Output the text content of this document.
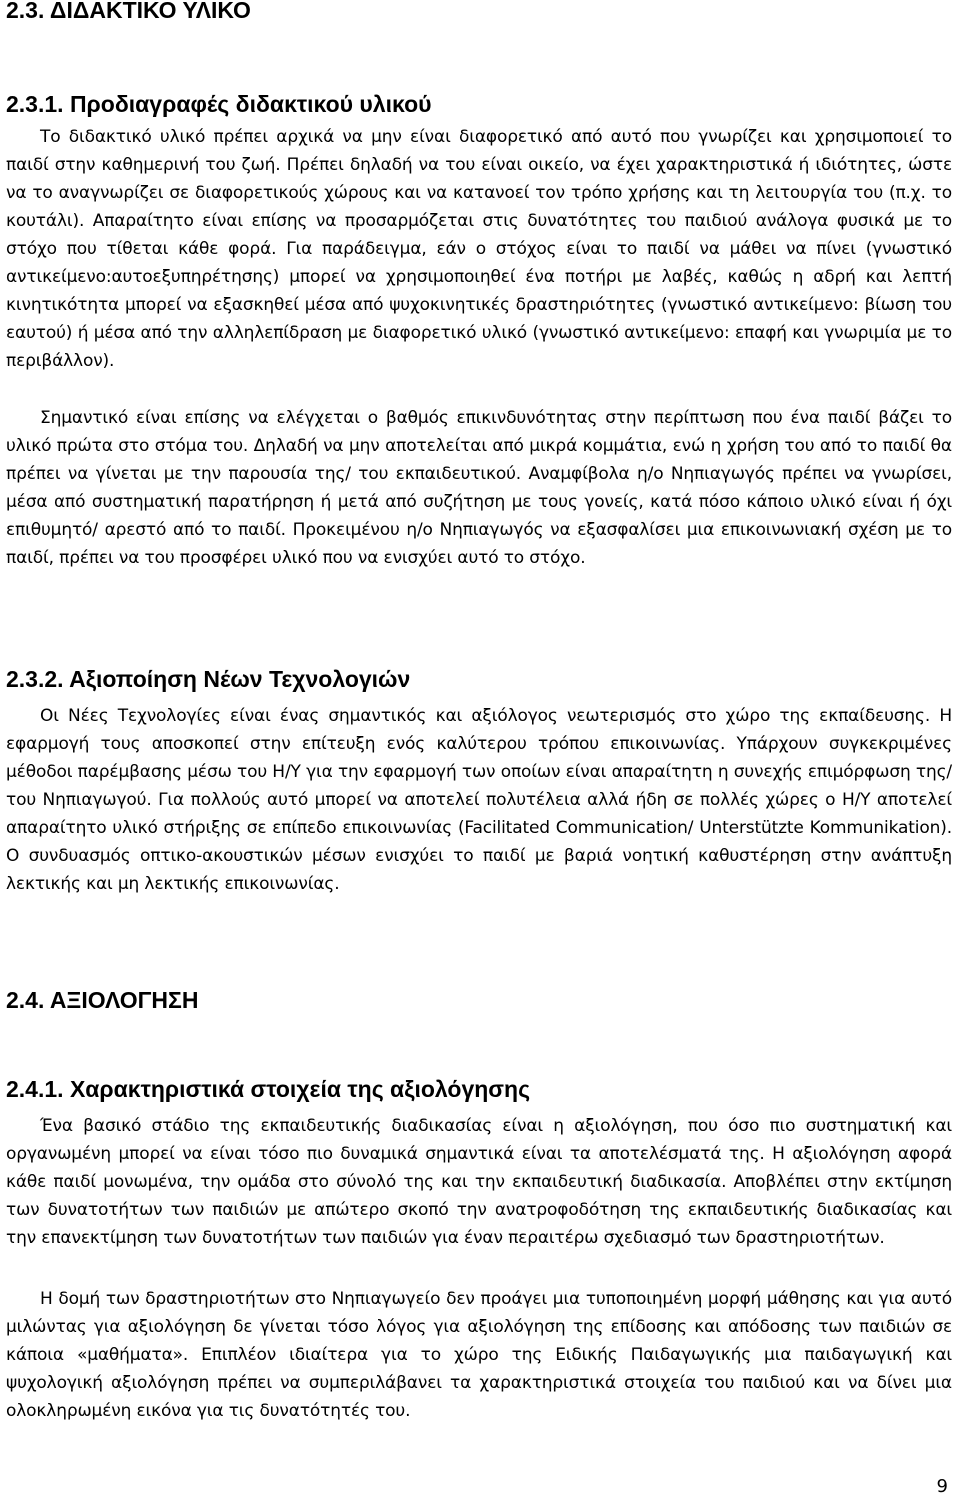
2.3. ΔΙΔΑΚΤΙΚΟ ΥΛΙΚΟ
2.3.1. Προδιαγραφές διδακτικού υλικού

Το διδακτικό υλικό πρέπει αρχικά να μην είναι διαφορετικό από αυτό που γνωρίζει και χρησιμοποιεί το παιδί στην καθημερινή του ζωή. Πρέπει δηλαδή να του είναι οικείο, να έχει χαρακτηριστικά ή ιδιότητες, ώστε να το αναγνωρίζει σε διαφορετικούς χώρους και να κατανοεί τον τρόπο χρήσης και τη λειτουργία του (π.χ. το κουτάλι). Απαραίτητο είναι επίσης να προσαρμόζεται στις δυνατότητες του παιδιού ανάλογα φυσικά με το στόχο που τίθεται κάθε φορά. Για παράδειγμα, εάν ο στόχος είναι το παιδί να μάθει να πίνει (γνωστικό αντικείμενο:αυτοεξυπηρέτησης) μπορεί να χρησιμοποιηθεί ένα ποτήρι με λαβές, καθώς η αδρή και λεπτή κινητικότητα μπορεί να εξασκηθεί μέσα από ψυχοκινητικές δραστηριότητες (γνωστικό αντικείμενο: βίωση του εαυτού) ή μέσα από την αλληλεπίδραση με διαφορετικό υλικό (γνωστικό αντικείμενο: επαφή και γνωριμία με το περιβάλλον).

Σημαντικό είναι επίσης να ελέγχεται ο βαθμός επικινδυνότητας στην περίπτωση που ένα παιδί βάζει το υλικό πρώτα στο στόμα του. Δηλαδή να μην αποτελείται από μικρά κομμάτια, ενώ η χρήση του από το παιδί θα πρέπει να γίνεται με την παρουσία της/ του εκπαιδευτικού. Αναμφίβολα η/ο Νηπιαγωγός πρέπει να γνωρίσει, μέσα από συστηματική παρατήρηση ή μετά από συζήτηση με τους γονείς, κατά πόσο κάποιο υλικό είναι ή όχι επιθυμητό/ αρεστό από το παιδί. Προκειμένου η/ο Νηπιαγωγός να εξασφαλίσει μια επικοινωνιακή σχέση με το παιδί, πρέπει να του προσφέρει υλικό που να ενισχύει αυτό το στόχο.

2.3.2. Αξιοποίηση Νέων Τεχνολογιών

Οι Νέες Τεχνολογίες είναι ένας σημαντικός και αξιόλογος νεωτερισμός στο χώρο της εκπαίδευσης. Η εφαρμογή τους αποσκοπεί στην επίτευξη ενός καλύτερου τρόπου επικοινωνίας. Υπάρχουν συγκεκριμένες μέθοδοι παρέμβασης μέσω του Η/Υ για την εφαρμογή των οποίων είναι απαραίτητη η συνεχής επιμόρφωση της/ του Νηπιαγωγού. Για πολλούς αυτό μπορεί να αποτελεί πολυτέλεια αλλά ήδη σε πολλές χώρες ο Η/Υ αποτελεί απαραίτητο υλικό στήριξης σε επίπεδο επικοινωνίας (Facilitated Communication/ Unterstützte Kommunikation). Ο συνδυασμός οπτικο-ακουστικών μέσων ενισχύει το παιδί με βαριά νοητική καθυστέρηση στην ανάπτυξη λεκτικής και μη λεκτικής επικοινωνίας.

2.4. ΑΞΙΟΛΟΓΗΣΗ
2.4.1. Χαρακτηριστικά στοιχεία της αξιολόγησης

Ένα βασικό στάδιο της εκπαιδευτικής διαδικασίας είναι η αξιολόγηση, που όσο πιο συστηματική και οργανωμένη μπορεί να είναι τόσο πιο δυναμικά σημαντικά είναι τα αποτελέσματά της. Η αξιολόγηση αφορά κάθε παιδί μονωμένα, την ομάδα στο σύνολό της και την εκπαιδευτική διαδικασία. Αποβλέπει στην εκτίμηση των δυνατοτήτων των παιδιών με απώτερο σκοπό την ανατροφοδότηση της εκπαιδευτικής διαδικασίας και την επανεκτίμηση των δυνατοτήτων των παιδιών για έναν περαιτέρω σχεδιασμό των δραστηριοτήτων.

Η δομή των δραστηριοτήτων στο Νηπιαγωγείο δεν προάγει μια τυποποιημένη μορφή μάθησης και για αυτό μιλώντας για αξιολόγηση δε γίνεται τόσο λόγος για αξιολόγηση της επίδοσης και απόδοσης των παιδιών σε κάποια «μαθήματα». Επιπλέον ιδιαίτερα για το χώρο της Ειδικής Παιδαγωγικής μια παιδαγωγική και ψυχολογική αξιολόγηση πρέπει να συμπεριλάβανει τα χαρακτηριστικά στοιχεία του παιδιού και να δίνει μια ολοκληρωμένη εικόνα για τις δυνατότητές του.

9
